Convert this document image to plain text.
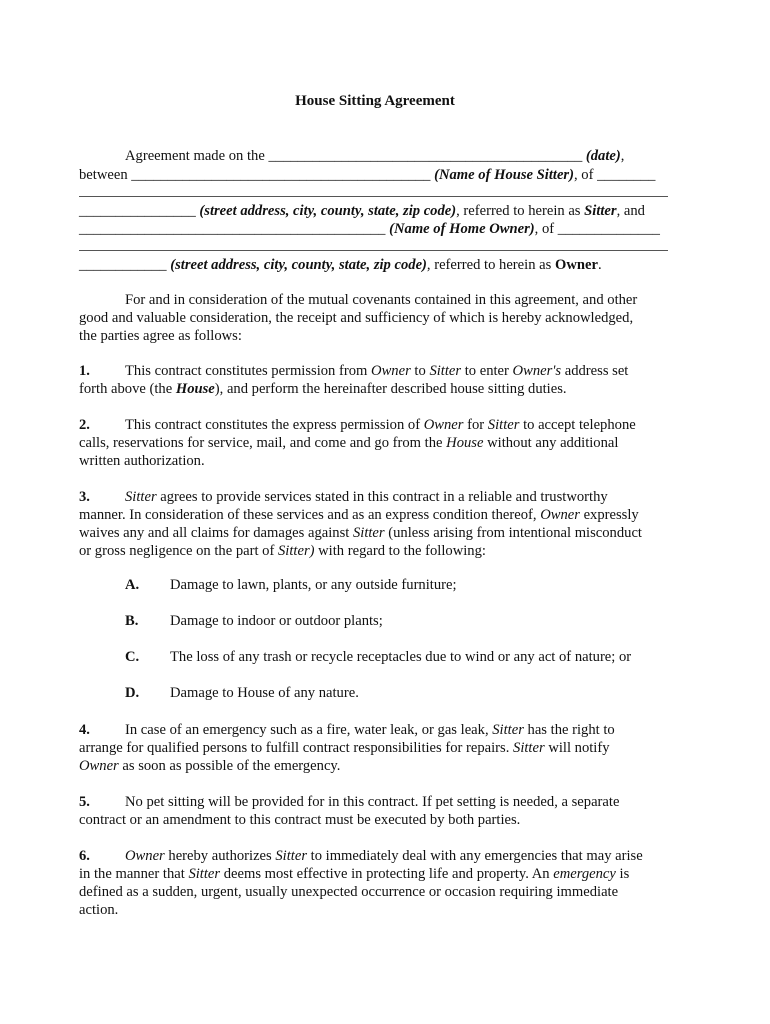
House Sitting Agreement
Agreement made on the ___________________________________________ (date),
between _________________________________________ (Name of House Sitter), of ________
________________ (street address, city, county, state, zip code), referred to herein as Sitter, and
__________________________________________ (Name of Home Owner), of ______________
____________ (street address, city, county, state, zip code), referred to herein as Owner.
For and in consideration of the mutual covenants contained in this agreement, and other
good and valuable consideration, the receipt and sufficiency of which is hereby acknowledged,
the parties agree as follows:
1. This contract constitutes permission from Owner to Sitter to enter Owner's address set
forth above (the House), and perform the hereinafter described house sitting duties.
2. This contract constitutes the express permission of Owner for Sitter to accept telephone
calls, reservations for service, mail, and come and go from the House without any additional
written authorization.
3. Sitter agrees to provide services stated in this contract in a reliable and trustworthy
manner. In consideration of these services and as an express condition thereof, Owner expressly
waives any and all claims for damages against Sitter (unless arising from intentional misconduct
or gross negligence on the part of Sitter) with regard to the following:
A. Damage to lawn, plants, or any outside furniture;
B. Damage to indoor or outdoor plants;
C. The loss of any trash or recycle receptacles due to wind or any act of nature; or
D. Damage to House of any nature.
4. In case of an emergency such as a fire, water leak, or gas leak, Sitter has the right to
arrange for qualified persons to fulfill contract responsibilities for repairs. Sitter will notify
Owner as soon as possible of the emergency.
5. No pet sitting will be provided for in this contract. If pet setting is needed, a separate
contract or an amendment to this contract must be executed by both parties.
6. Owner hereby authorizes Sitter to immediately deal with any emergencies that may arise
in the manner that Sitter deems most effective in protecting life and property. An emergency is
defined as a sudden, urgent, usually unexpected occurrence or occasion requiring immediate
action.
